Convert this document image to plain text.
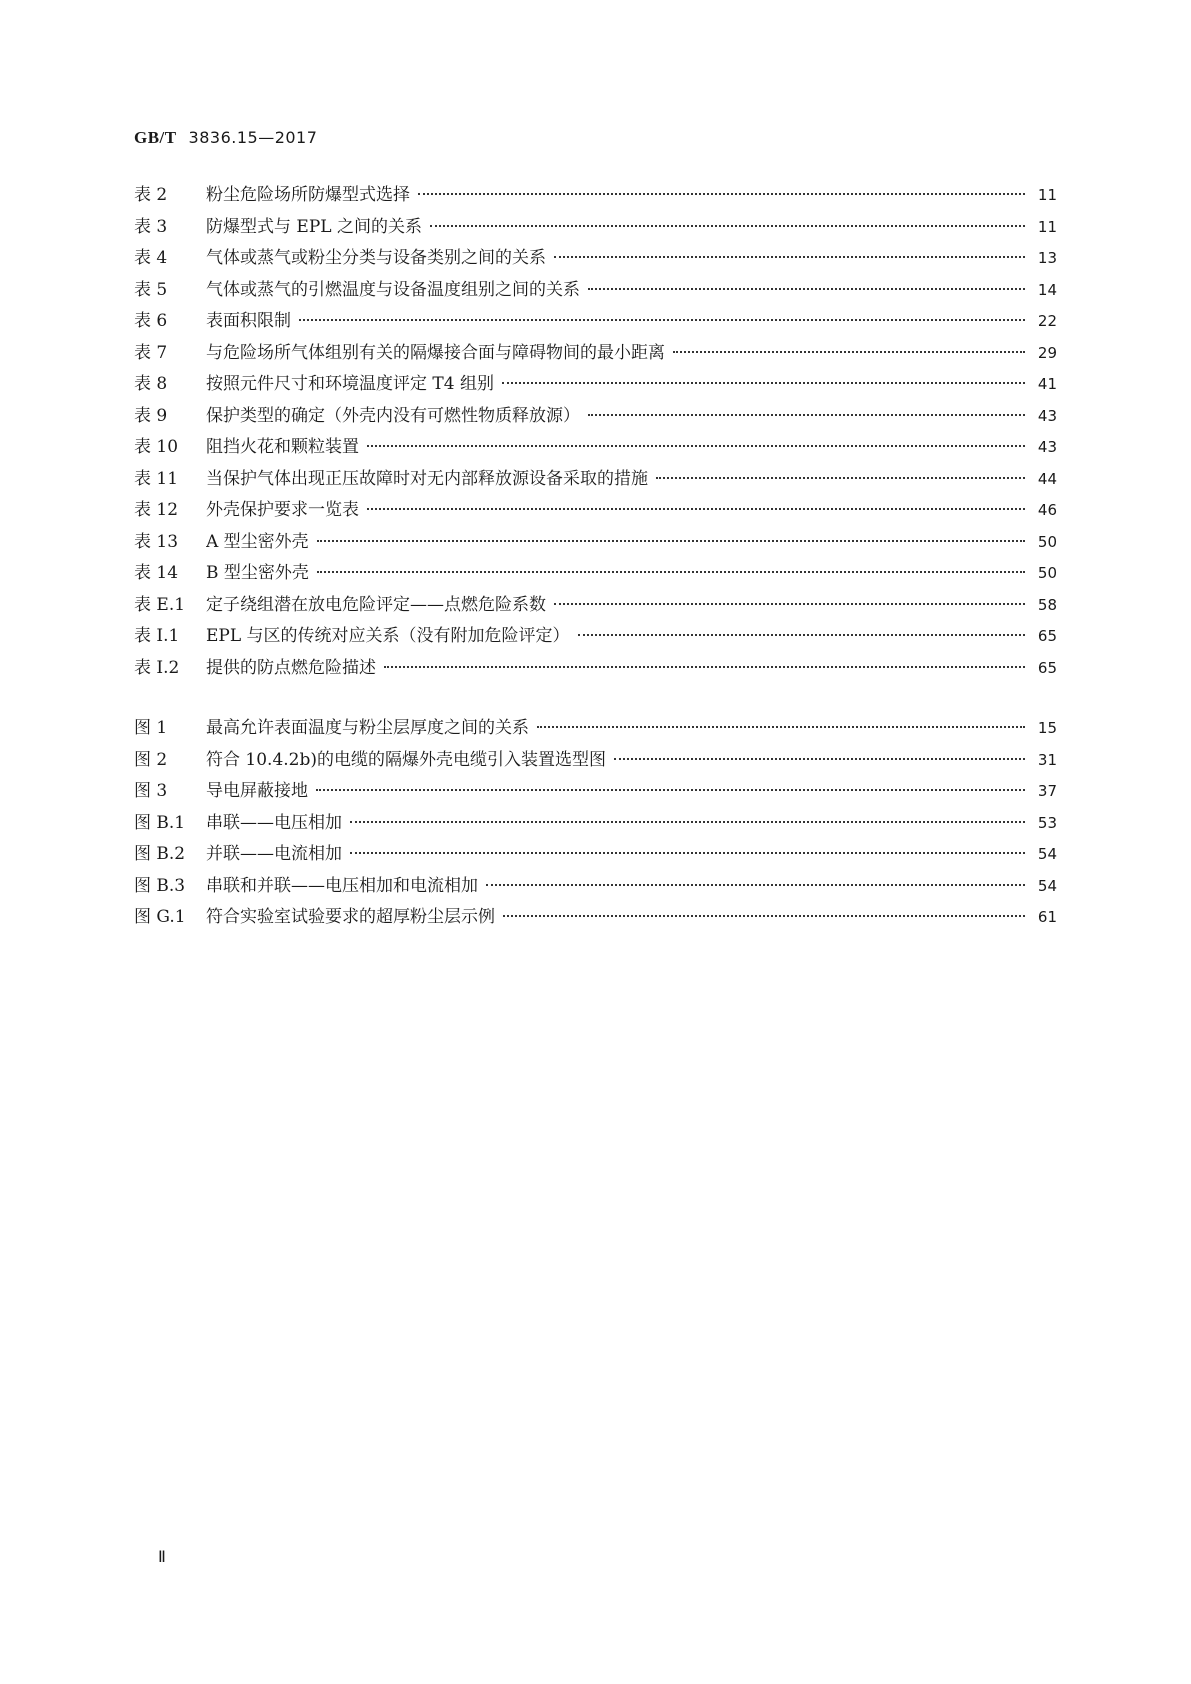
GB/T 3836.15—2017
表 2	粉尘危险场所防爆型式选择	11
表 3	防爆型式与 EPL 之间的关系	11
表 4	气体或蒸气或粉尘分类与设备类别之间的关系	13
表 5	气体或蒸气的引燃温度与设备温度组别之间的关系	14
表 6	表面积限制	22
表 7	与危险场所气体组别有关的隔爆接合面与障碍物间的最小距离	29
表 8	按照元件尺寸和环境温度评定 T4 组别	41
表 9	保护类型的确定（外壳内没有可燃性物质释放源）	43
表 10	阻挡火花和颗粒装置	43
表 11	当保护气体出现正压故障时对无内部释放源设备采取的措施	44
表 12	外壳保护要求一览表	46
表 13	A 型尘密外壳	50
表 14	B 型尘密外壳	50
表 E.1	定子绕组潜在放电危险评定——点燃危险系数	58
表 I.1	EPL 与区的传统对应关系（没有附加危险评定）	65
表 I.2	提供的防点燃危险描述	65
图 1	最高允许表面温度与粉尘层厚度之间的关系	15
图 2	符合 10.4.2b)的电缆的隔爆外壳电缆引入装置选型图	31
图 3	导电屏蔽接地	37
图 B.1	串联——电压相加	53
图 B.2	并联——电流相加	54
图 B.3	串联和并联——电压相加和电流相加	54
图 G.1	符合实验室试验要求的超厚粉尘层示例	61
Ⅱ
